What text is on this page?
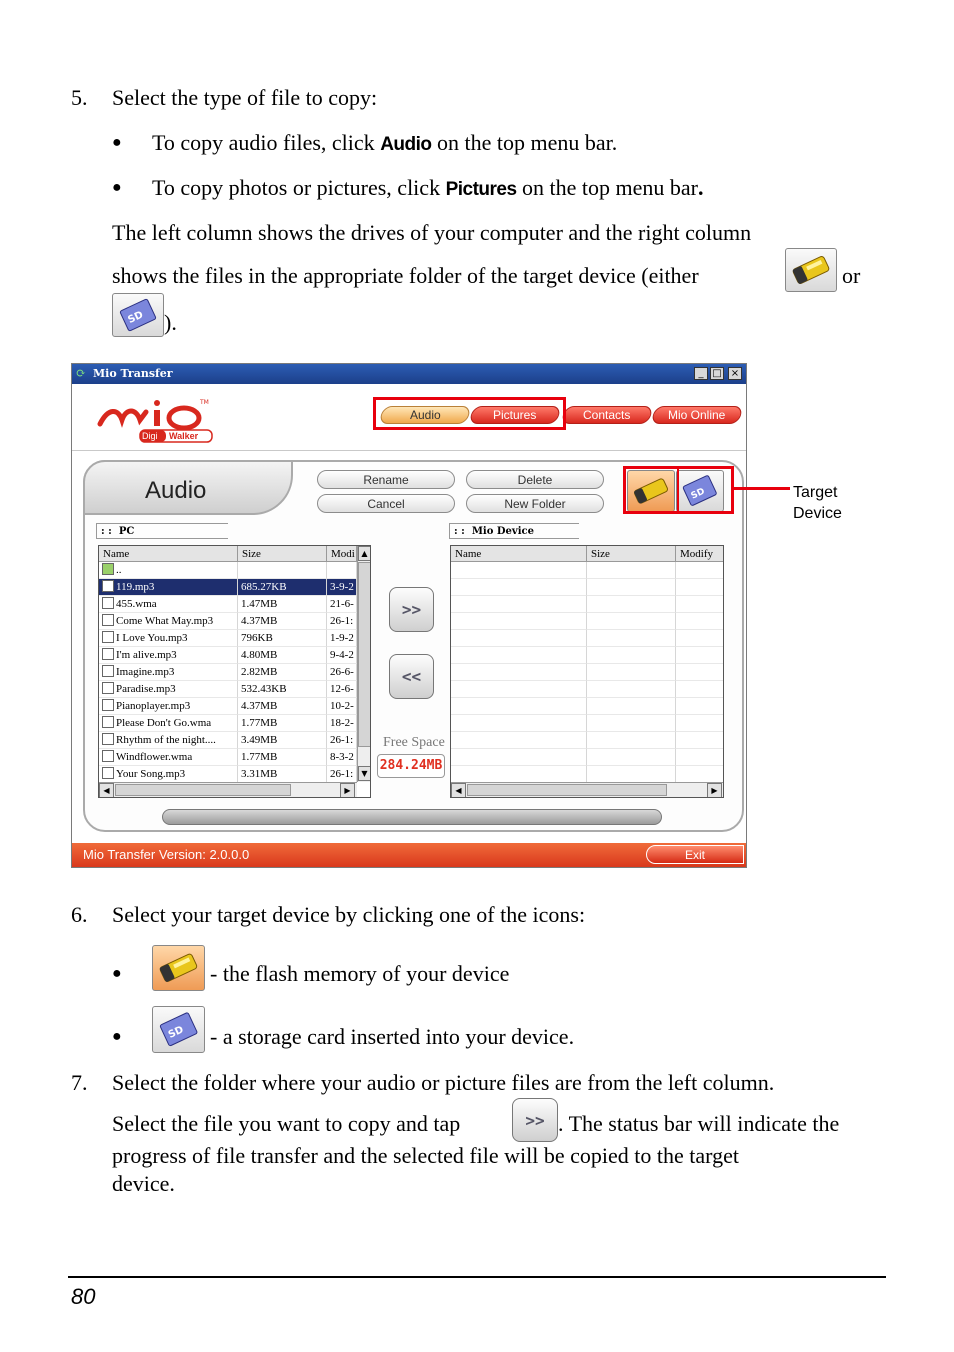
5. Select the type of file to copy:
● To copy audio files, click Audio on the top menu bar.
● To copy photos or pictures, click Pictures on the top menu bar.
The left column shows the drives of your computer and the right column
shows the files in the appropriate folder of the target device (either	or
SD ).
⟳ Mio Transfer	_ □ ×
TM
Digi Walker
Audio	Pictures	Contacts	Mio Online
Audio	Rename	Delete
Cancel	New Folder
SD
: :  PC	: :  Mio Device
Name	Size	Modi
..
119.mp3	685.27KB	3-9-2
455.wma	1.47MB	21-6-
Come What May.mp3	4.37MB	26-1:
I Love You.mp3	796KB	1-9-2
I'm alive.mp3	4.80MB	9-4-2
Imagine.mp3	2.82MB	26-6-
Paradise.mp3	532.43KB	12-6-
Pianoplayer.mp3	4.37MB	10-2-
Please Don't Go.wma	1.77MB	18-2-
Rhythm of the night....	3.49MB	26-1:
Windflower.wma	1.77MB	8-3-2
Your Song.mp3	3.31MB	26-1:
▲
▼
◀	▶
>>
<<
Free Space
284.24MB
Name	Size	Modify
◀	▶
Mio Transfer Version: 2.0.0.0	Exit
Target
Device
6. Select your target device by clicking one of the icons:
●	- the flash memory of your device
●	SD - a storage card inserted into your device.
7. Select the folder where your audio or picture files are from the left column.
Select the file you want to copy and tap	>> . The status bar will indicate the
progress of file transfer and the selected file will be copied to the target
device.
80
